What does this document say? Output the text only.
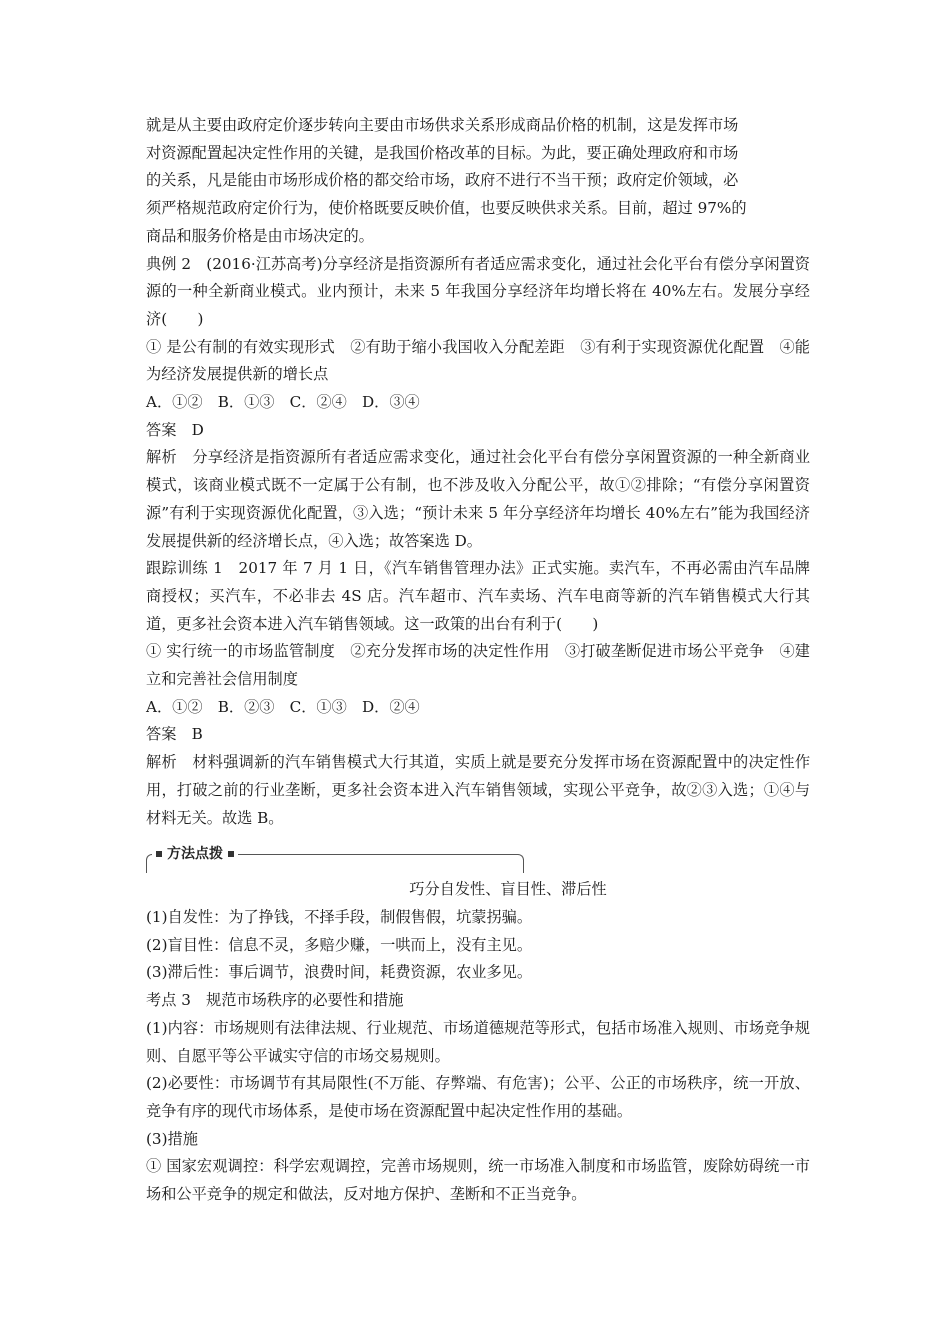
就是从主要由政府定价逐步转向主要由市场供求关系形成商品价格的机制，这是发挥市场

对资源配置起决定性作用的关键，是我国价格改革的目标。为此，要正确处理政府和市场

的关系，凡是能由市场形成价格的都交给市场，政府不进行不当干预；政府定价领域，必

须严格规范政府定价行为，使价格既要反映价值，也要反映供求关系。目前，超过 97%的

商品和服务价格是由市场决定的。

典例 2　(2016·江苏高考)分享经济是指资源所有者适应需求变化，通过社会化平台有偿分享闲置资源的一种全新商业模式。业内预计，未来 5 年我国分享经济年均增长将在 40%左右。发展分享经济(　　)

① 是公有制的有效实现形式　②有助于缩小我国收入分配差距　③有利于实现资源优化配置　④能为经济发展提供新的增长点

A．①②　B．①③　C．②④　D．③④

答案　D

解析　分享经济是指资源所有者适应需求变化，通过社会化平台有偿分享闲置资源的一种全新商业模式，该商业模式既不一定属于公有制，也不涉及收入分配公平，故①②排除；“有偿分享闲置资源”有利于实现资源优化配置，③入选；“预计未来 5 年分享经济年均增长 40%左右”能为我国经济发展提供新的经济增长点，④入选；故答案选 D。

跟踪训练 1　2017 年 7 月 1 日，《汽车销售管理办法》正式实施。卖汽车，不再必需由汽车品牌商授权；买汽车，不必非去 4S 店。汽车超市、汽车卖场、汽车电商等新的汽车销售模式大行其道，更多社会资本进入汽车销售领域。这一政策的出台有利于(　　)

① 实行统一的市场监管制度　②充分发挥市场的决定性作用　③打破垄断促进市场公平竞争　④建立和完善社会信用制度

A．①②　B．②③　C．①③　D．②④

答案　B

解析　材料强调新的汽车销售模式大行其道，实质上就是要充分发挥市场在资源配置中的决定性作用，打破之前的行业垄断，更多社会资本进入汽车销售领域，实现公平竞争，故②③入选；①④与材料无关。故选 B。

方法点拨

巧分自发性、盲目性、滞后性

(1)自发性：为了挣钱，不择手段，制假售假，坑蒙拐骗。

(2)盲目性：信息不灵，多赔少赚，一哄而上，没有主见。

(3)滞后性：事后调节，浪费时间，耗费资源，农业多见。

考点 3　规范市场秩序的必要性和措施

(1)内容：市场规则有法律法规、行业规范、市场道德规范等形式，包括市场准入规则、市场竞争规则、自愿平等公平诚实守信的市场交易规则。

(2)必要性：市场调节有其局限性(不万能、存弊端、有危害)；公平、公正的市场秩序，统一开放、竞争有序的现代市场体系，是使市场在资源配置中起决定性作用的基础。

(3)措施

① 国家宏观调控：科学宏观调控，完善市场规则，统一市场准入制度和市场监管，废除妨碍统一市场和公平竞争的规定和做法，反对地方保护、垄断和不正当竞争。
